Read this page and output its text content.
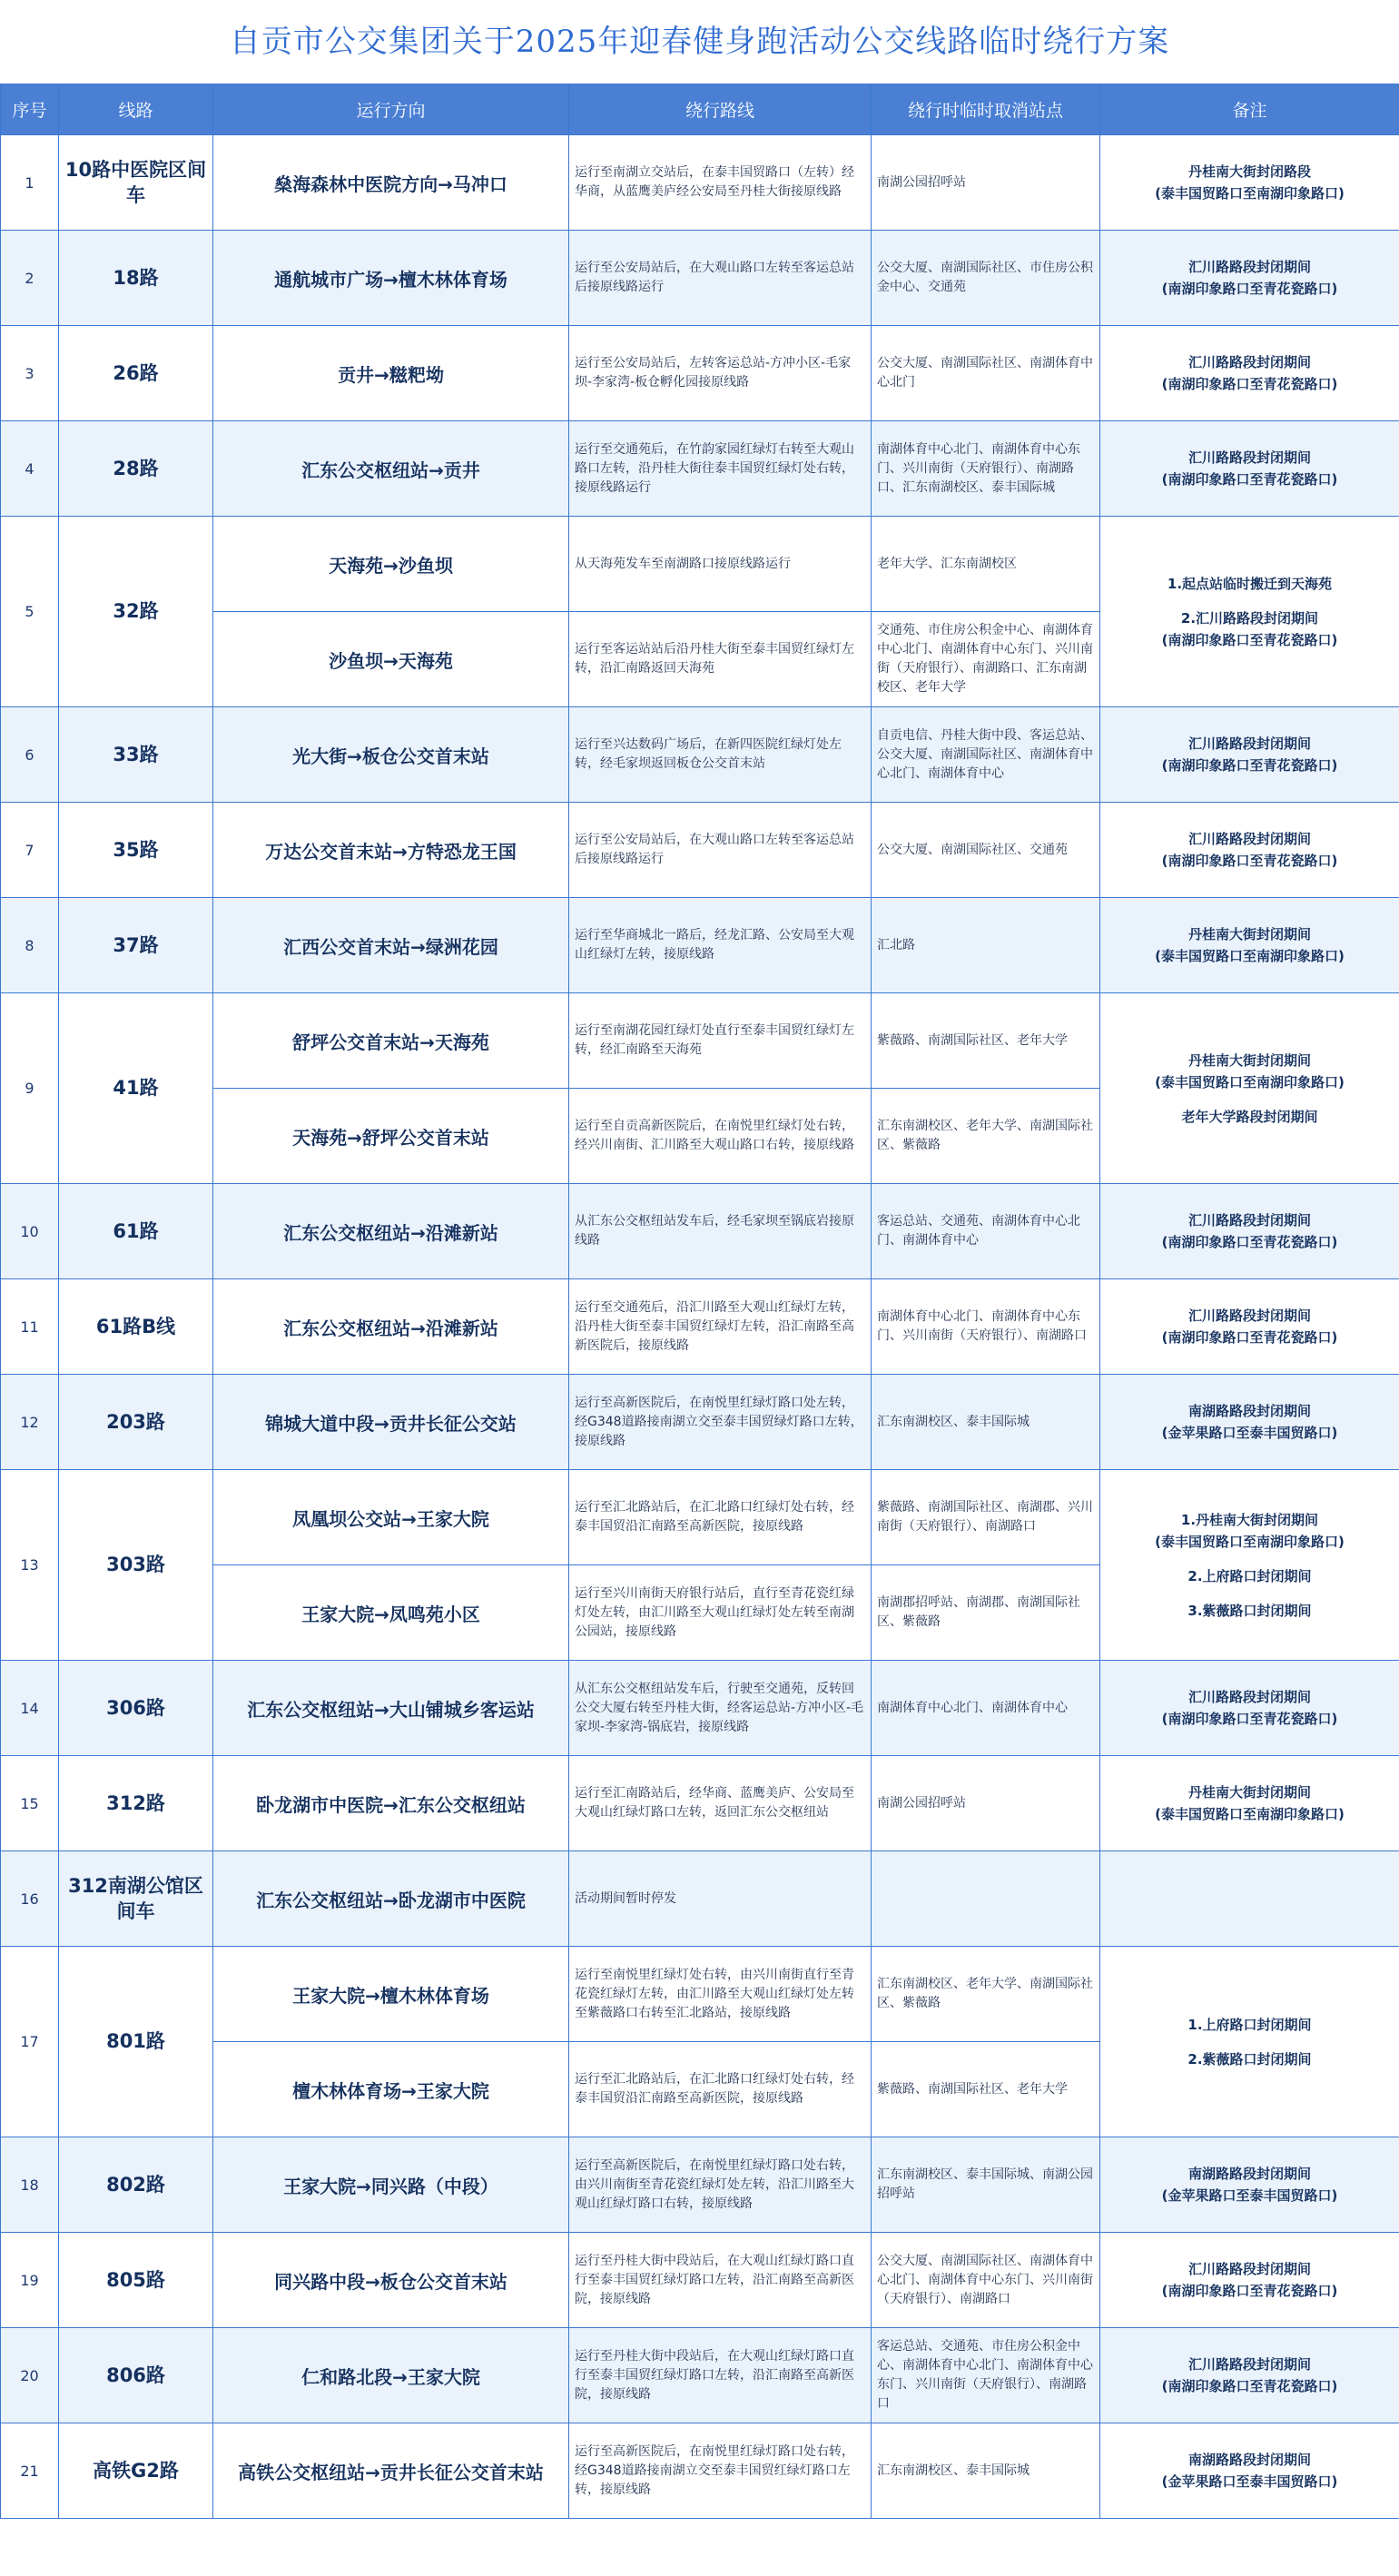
自贡市公交集团关于2025年迎春健身跑活动公交线路临时绕行方案
序号	线路	运行方向	绕行路线	绕行时临时取消站点	备注
1	10路中医院区间车	燊海森林中医院方向→马冲口	运行至南湖立交站后，在泰丰国贸路口（左转）经华商，从蓝鹰美庐经公安局至丹桂大街接原线路	南湖公园招呼站	丹桂南大街封闭路段
(泰丰国贸路口至南湖印象路口)

2	18路	通航城市广场→檀木林体育场	运行至公安局站后，在大观山路口左转至客运总站后接原线路运行	公交大厦、南湖国际社区、市住房公积金中心、交通苑	汇川路路段封闭期间
(南湖印象路口至青花瓷路口)

3	26路	贡井→糍粑坳	运行至公安局站后，左转客运总站-方冲小区-毛家坝-李家湾-板仓孵化园接原线路	公交大厦、南湖国际社区、南湖体育中心北门	汇川路路段封闭期间
(南湖印象路口至青花瓷路口)

4	28路	汇东公交枢纽站→贡井	运行至交通苑后，在竹韵家园红绿灯右转至大观山路口左转，沿丹桂大街往泰丰国贸红绿灯处右转，接原线路运行	南湖体育中心北门、南湖体育中心东门、兴川南街（天府银行）、南湖路口、汇东南湖校区、泰丰国际城	汇川路路段封闭期间
(南湖印象路口至青花瓷路口)

5	32路	天海苑→沙鱼坝	从天海苑发车至南湖路口接原线路运行	老年大学、汇东南湖校区	1.起点站临时搬迁到天海苑
2.汇川路路段封闭期间
(南湖印象路口至青花瓷路口)

		沙鱼坝→天海苑	运行至客运站站后沿丹桂大街至泰丰国贸红绿灯左转，沿汇南路返回天海苑	交通苑、市住房公积金中心、南湖体育中心北门、南湖体育中心东门、兴川南街（天府银行）、南湖路口、汇东南湖校区、老年大学	
6	33路	光大街→板仓公交首末站	运行至兴达数码广场后，在新四医院红绿灯处左转，经毛家坝返回板仓公交首末站	自贡电信、丹桂大街中段、客运总站、公交大厦、南湖国际社区、南湖体育中心北门、南湖体育中心	汇川路路段封闭期间
(南湖印象路口至青花瓷路口)

7	35路	万达公交首末站→方特恐龙王国	运行至公安局站后，在大观山路口左转至客运总站后接原线路运行	公交大厦、南湖国际社区、交通苑	汇川路路段封闭期间
(南湖印象路口至青花瓷路口)

8	37路	汇西公交首末站→绿洲花园	运行至华商城北一路后，经龙汇路、公安局至大观山红绿灯左转，接原线路	汇北路	丹桂南大街封闭期间
(泰丰国贸路口至南湖印象路口)

9	41路	舒坪公交首末站→天海苑	运行至南湖花园红绿灯处直行至泰丰国贸红绿灯左转，经汇南路至天海苑	紫薇路、南湖国际社区、老年大学	丹桂南大街封闭期间
(泰丰国贸路口至南湖印象路口)
老年大学路段封闭期间

		天海苑→舒坪公交首末站	运行至自贡高新医院后，在南悦里红绿灯处右转，经兴川南街、汇川路至大观山路口右转，接原线路	汇东南湖校区、老年大学、南湖国际社区、紫薇路	
10	61路	汇东公交枢纽站→沿滩新站	从汇东公交枢纽站发车后，经毛家坝至锅底岩接原线路	客运总站、交通苑、南湖体育中心北门、南湖体育中心	汇川路路段封闭期间
(南湖印象路口至青花瓷路口)

11	61路B线	汇东公交枢纽站→沿滩新站	运行至交通苑后，沿汇川路至大观山红绿灯左转，沿丹桂大街至泰丰国贸红绿灯左转，沿汇南路至高新医院后，接原线路	南湖体育中心北门、南湖体育中心东门、兴川南街（天府银行）、南湖路口	汇川路路段封闭期间
(南湖印象路口至青花瓷路口)

12	203路	锦城大道中段→贡井长征公交站	运行至高新医院后，在南悦里红绿灯路口处左转，经G348道路接南湖立交至泰丰国贸绿灯路口左转，接原线路	汇东南湖校区、泰丰国际城	南湖路路段封闭期间
(金苹果路口至泰丰国贸路口)

13	303路	凤凰坝公交站→王家大院	运行至汇北路站后，在汇北路口红绿灯处右转，经泰丰国贸沿汇南路至高新医院，接原线路	紫薇路、南湖国际社区、南湖郡、兴川南街（天府银行）、南湖路口	1.丹桂南大街封闭期间
(泰丰国贸路口至南湖印象路口)
2.上府路口封闭期间
3.紫薇路口封闭期间

		王家大院→凤鸣苑小区	运行至兴川南街天府银行站后，直行至青花瓷红绿灯处左转，由汇川路至大观山红绿灯处左转至南湖公园站，接原线路	南湖郡招呼站、南湖郡、南湖国际社区、紫薇路	
14	306路	汇东公交枢纽站→大山铺城乡客运站	从汇东公交枢纽站发车后，行驶至交通苑，反转回公交大厦右转至丹桂大街，经客运总站-方冲小区-毛家坝-李家湾-锅底岩，接原线路	南湖体育中心北门、南湖体育中心	汇川路路段封闭期间
(南湖印象路口至青花瓷路口)

15	312路	卧龙湖市中医院→汇东公交枢纽站	运行至汇南路站后，经华商、蓝鹰美庐、公安局至大观山红绿灯路口左转，返回汇东公交枢纽站	南湖公园招呼站	丹桂南大街封闭期间
(泰丰国贸路口至南湖印象路口)

16	312南湖公馆区间车	汇东公交枢纽站→卧龙湖市中医院	活动期间暂时停发		
17	801路	王家大院→檀木林体育场	运行至南悦里红绿灯处右转，由兴川南街直行至青花瓷红绿灯左转，由汇川路至大观山红绿灯处左转至紫薇路口右转至汇北路站，接原线路	汇东南湖校区、老年大学、南湖国际社区、紫薇路	1.上府路口封闭期间
2.紫薇路口封闭期间

		檀木林体育场→王家大院	运行至汇北路站后，在汇北路口红绿灯处右转，经泰丰国贸沿汇南路至高新医院，接原线路	紫薇路、南湖国际社区、老年大学	
18	802路	王家大院→同兴路（中段）	运行至高新医院后，在南悦里红绿灯路口处右转，由兴川南街至青花瓷红绿灯处左转，沿汇川路至大观山红绿灯路口右转，接原线路	汇东南湖校区、泰丰国际城、南湖公园招呼站	南湖路路段封闭期间
(金苹果路口至泰丰国贸路口)

19	805路	同兴路中段→板仓公交首末站	运行至丹桂大街中段站后，在大观山红绿灯路口直行至泰丰国贸红绿灯路口左转，沿汇南路至高新医院，接原线路	公交大厦、南湖国际社区、南湖体育中心北门、南湖体育中心东门、兴川南街（天府银行）、南湖路口	汇川路路段封闭期间
(南湖印象路口至青花瓷路口)

20	806路	仁和路北段→王家大院	运行至丹桂大街中段站后，在大观山红绿灯路口直行至泰丰国贸红绿灯路口左转，沿汇南路至高新医院，接原线路	客运总站、交通苑、市住房公积金中心、南湖体育中心北门、南湖体育中心东门、兴川南街（天府银行）、南湖路口	汇川路路段封闭期间
(南湖印象路口至青花瓷路口)

21	高铁G2路	高铁公交枢纽站→贡井长征公交首末站	运行至高新医院后，在南悦里红绿灯路口处右转，经G348道路接南湖立交至泰丰国贸红绿灯路口左转，接原线路	汇东南湖校区、泰丰国际城	南湖路路段封闭期间
(金苹果路口至泰丰国贸路口)
